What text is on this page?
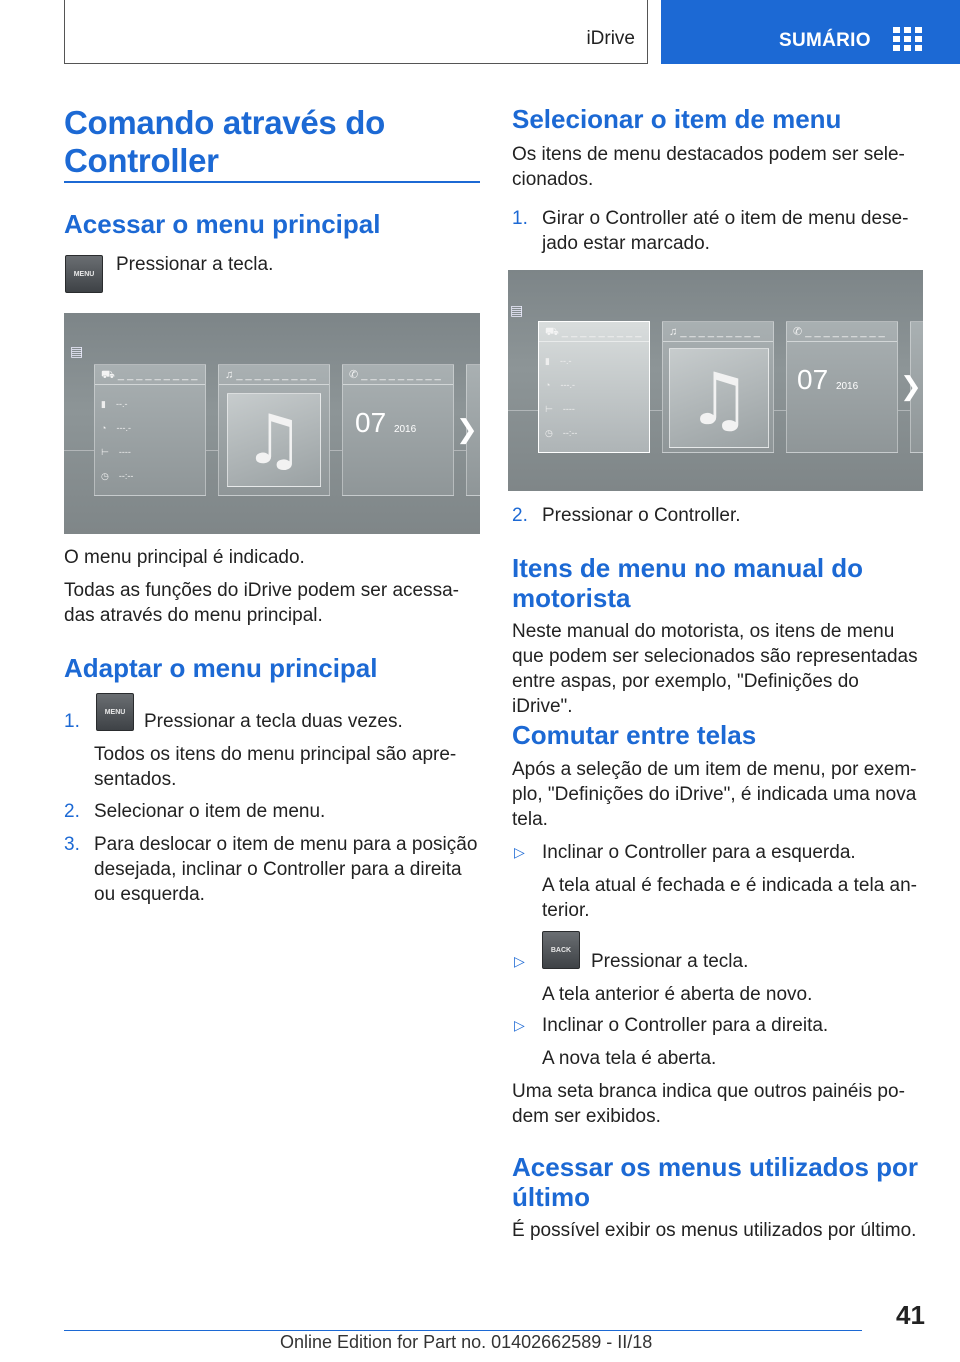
iDrive	SUMÁRIO
Comando através do
Controller
Acessar o menu principal
MENU	Pressionar a tecla.

▤
⛟ _ _ _ _ _ _ _ _ _
▮ --.-
◔ ---.-
⊢ ----
◷ --:--
♫ _ _ _ _ _ _ _ _ _
♫
✆ _ _ _ _ _ _ _ _ _
07 2016 ❯

O menu principal é indicado.

Todas as funções do iDrive podem ser acessa-
das através do menu principal.

Adaptar o menu principal
1.	MENU Pressionar a tecla duas vezes.

Todos os itens do menu principal são apre-
sentados.

2. Selecionar o item de menu.

3. Para deslocar o item de menu para a posição
desejada, inclinar o Controller para a direita
ou esquerda.

Selecionar o item de menu

Os itens de menu destacados podem ser sele-
cionados.

1. Girar o Controller até o item de menu dese-
jado estar marcado.

▤
⛟ _ _ _ _ _ _ _ _ _
▮ --.-
◔ ---.-
⊢ ----
◷ --:--
♫ _ _ _ _ _ _ _ _ _
♫
✆ _ _ _ _ _ _ _ _ _
07 2016 ❯
2. Pressionar o Controller.

Itens de menu no manual do
motorista

Neste manual do motorista, os itens de menu
que podem ser selecionados são representadas
entre aspas, por exemplo, "Definições do iDrive".

Comutar entre telas

Após a seleção de um item de menu, por exem-
plo, "Definições do iDrive", é indicada uma nova
tela.

▷ Inclinar o Controller para a esquerda.

A tela atual é fechada e é indicada a tela an-
terior.

▷
BACK

Pressionar a tecla.

A tela anterior é aberta de novo.

▷ Inclinar o Controller para a direita.

A nova tela é aberta.

Uma seta branca indica que outros painéis po-
dem ser exibidos.

Acessar os menus utilizados por
último

É possível exibir os menus utilizados por último.

41
Online Edition for Part no. 01402662589 - II/18
